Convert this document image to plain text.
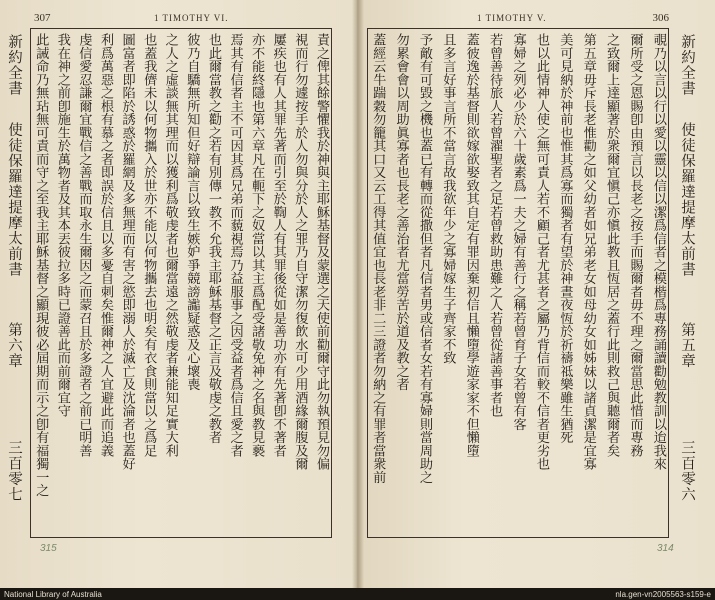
307	1 TIMOTHY VI.
新約全書
使徒保羅達提摩太前書
第六章
三百零七
責之俾其餘警懼我於神與主耶穌基督及蒙選之天使前勸爾守此勿執預見勿偏
視而行勿遽按手於人勿與分於人之罪乃自守潔勿復飲水可少用酒緣爾腹及爾
屢疾也有人其罪先著而引至於鞫人有其罪後從如是善功亦有先著卽不著者
亦不能終隱也第六章凡在軛下之奴當以其主爲配受諸敬免神之名與教見褻
焉其有信者主不可因其爲兄弟而藐視焉乃益服事之因受益者爲信且愛之者
也此爾當教之勸之若有別傳一教不允我主耶穌基督之正言及敬虔之教者
彼乃自驕無所知但好辯論言以致生嫉妒爭競謗讟疑惑及心壞喪
之人之虛談無其理而以獲利爲敬虔者也爾當遠之然敬虔者兼能知足實大利
也蓋我儕未以何物攜入於世亦不能以何物攜去也明矣有衣食則當以之爲足
圖富者即陷於誘惑於羅網及多無理而有害之慾即溺人於滅亡及沈淪者也蓋好
利爲萬惡之根有慕之者即誤於信且以多憂自刺矣惟爾神之人宜避此而追義
虔信愛忍謙爾宜戰信之善戰而取永生爾因之而蒙召且於多證者之前已明善
我在神之前卽施生於萬物者及其本丟彼拉多時已證善此而前爾宜守
此誡命乃無玷無可責而守之至我主耶穌基督之顯現彼必屆期而示之卽有福獨一之
315
1 TIMOTHY V.	306
覗乃以言以行以愛以靈以信以潔爲信者之模楷爲專務誦讀勸勉教訓以迨我來
爾所受之恩賜卽由預言以長老之按手而賜爾者毋不理之爾當思此惜而專務
之致爾上達顯著於衆爾宜愼己亦愼此教且恆居之蓋行此則救己與聽爾者矣
第五章毋斥長老惟勸之如父幼者如兄弟老女如母幼女如姊妹以諸貞潔是宜寡
美可見納於神前也惟其爲寡而獨者有望於神晝夜恆於祈禱祗樂雖生猶死
也以此情神人使之無可責人若不顧己者尤甚者之屬乃背信而較不信者更劣也
寡婦之列必少於六十歲素爲一夫之婦有善行之稱若曾育子女若曾有客
若曾善待旅人若曾濯聖者之足若曾救助患難之人若曾從諸善事者也
蓋彼逸於基督則欲嫁欲娶致其自定有罪因棄初信且懶墮學遊家家不但懶墮
且多言好事言所不當言故我欲年少之寡婦嫁生子齊家不致
予敵有可毀之機也蓋已有轉而從撒但者凡信者男或信者女若有寡婦則當周助之
勿累會會以周助眞寡者也長老之善治者尤當勞苦於道及教之者
蓋經云牛踹穀勿籠其口又云工得其值宜也長老非二三證者勿納之有罪者當衆前	新約全書
使徒保羅達提摩太前書
第五章
三百零六
314
National Library of Australia	nla.gen-vn2005563-s159-e
